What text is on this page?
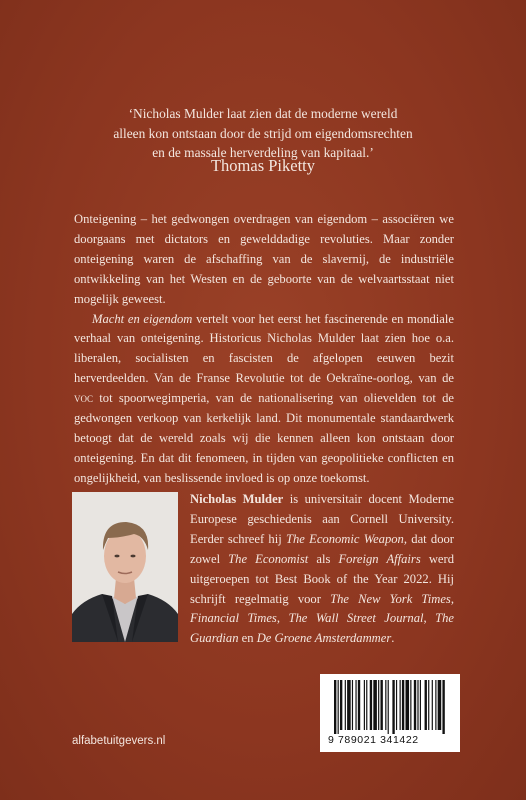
‘Nicholas Mulder laat zien dat de moderne wereld

alleen kon ontstaan door de strijd om eigendomsrechten

en de massale herverdeling van kapitaal.’

Thomas Piketty

Onteigening – het gedwongen overdragen van eigendom – associëren we doorgaans met dictators en gewelddadige revoluties. Maar zonder onteigening waren de afschaffing van de slavernij, de industriële ontwikkeling van het Westen en de geboorte van de welvaartsstaat niet mogelijk geweest.

Macht en eigendom vertelt voor het eerst het fascinerende en mondiale verhaal van onteigening. Historicus Nicholas Mulder laat zien hoe o.a. liberalen, socialisten en fascisten de afgelopen eeuwen bezit herverdeelden. Van de Franse Revolutie tot de Oekraïne-oorlog, van de voc tot spoorwegimperia, van de nationalisering van olievelden tot de gedwongen verkoop van kerkelijk land. Dit monumentale standaardwerk betoogt dat de wereld zoals wij die kennen alleen kon ontstaan door onteigening. En dat dit fenomeen, in tijden van geopolitieke conflicten en ongelijkheid, van beslissende invloed is op onze toekomst.

Nicholas Mulder is universitair docent Moderne Europese geschiedenis aan Cornell University. Eerder schreef hij The Economic Weapon, dat door zowel The Economist als Foreign Affairs werd uitgeroepen tot Best Book of the Year 2022. Hij schrijft regelmatig voor The New York Times, Financial Times, The Wall Street Journal, The Guardian en De Groene Amsterdammer.

9 789021 341422
alfabetuitgevers.nl
